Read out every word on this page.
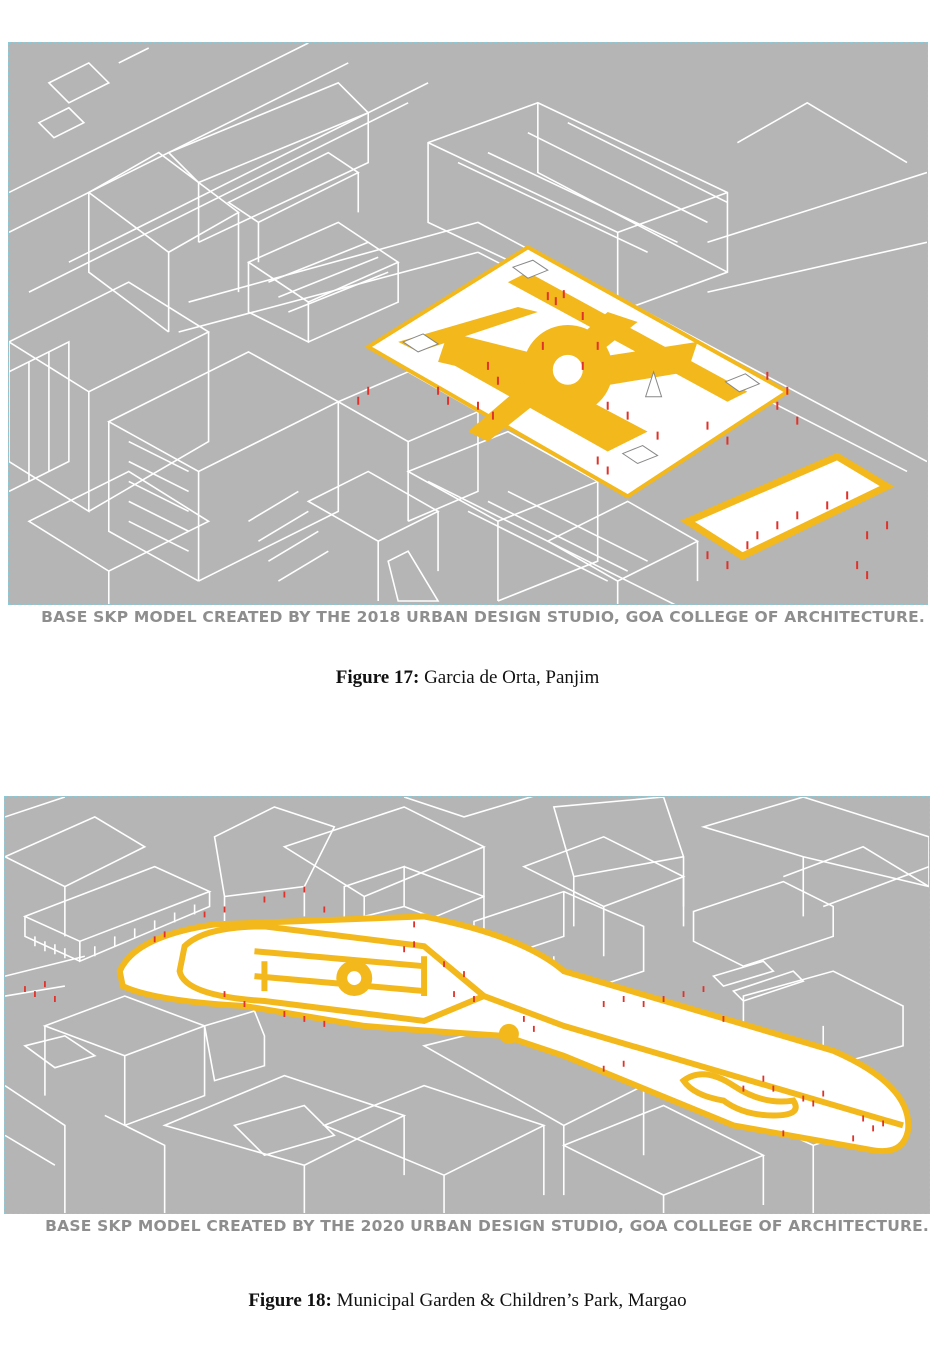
BASE SKP MODEL CREATED BY THE 2018 URBAN DESIGN STUDIO, GOA COLLEGE OF ARCHITECTURE.
Figure 17: Garcia de Orta, Panjim
BASE SKP MODEL CREATED BY THE 2020 URBAN DESIGN STUDIO, GOA COLLEGE OF ARCHITECTURE.
Figure 18: Municipal Garden & Children’s Park, Margao
